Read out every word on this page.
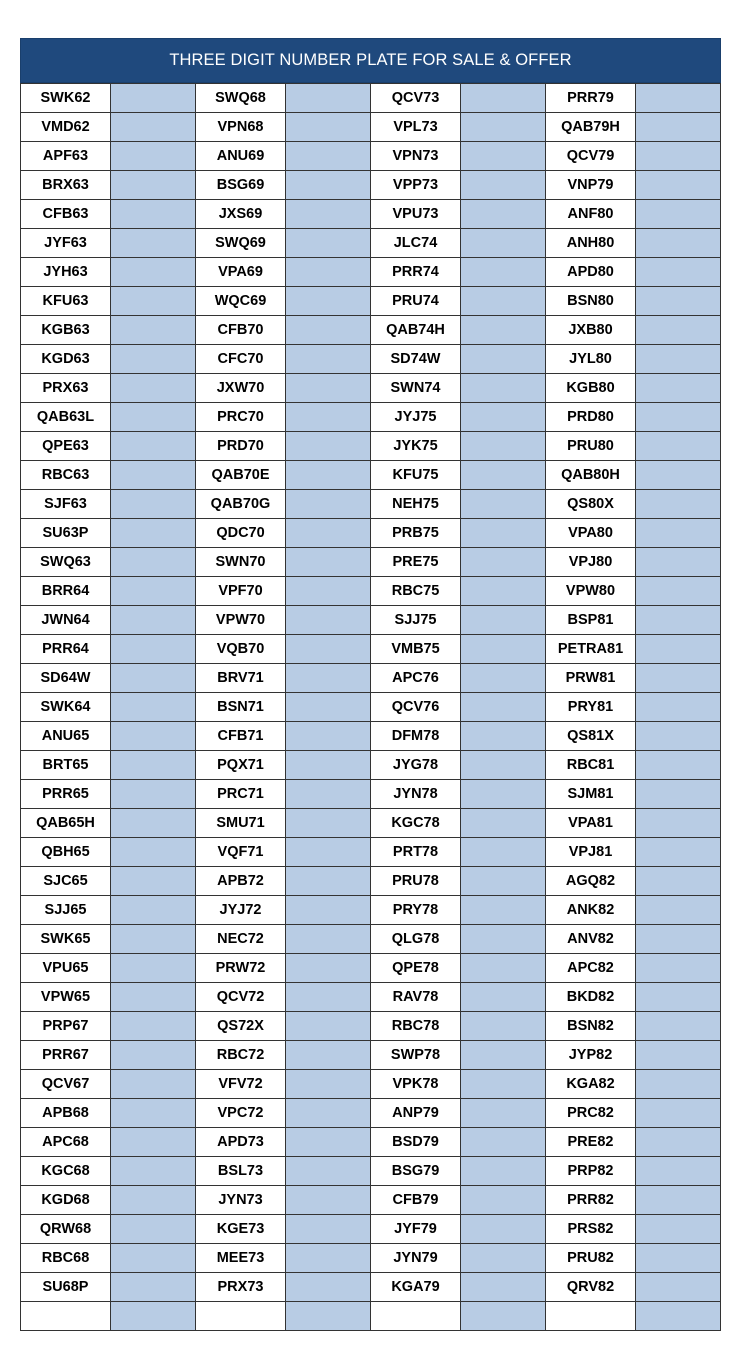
THREE DIGIT NUMBER PLATE FOR SALE & OFFER
SWK62		SWQ68		QCV73		PRR79	
VMD62		VPN68		VPL73		QAB79H	
APF63		ANU69		VPN73		QCV79	
BRX63		BSG69		VPP73		VNP79	
CFB63		JXS69		VPU73		ANF80	
JYF63		SWQ69		JLC74		ANH80	
JYH63		VPA69		PRR74		APD80	
KFU63		WQC69		PRU74		BSN80	
KGB63		CFB70		QAB74H		JXB80	
KGD63		CFC70		SD74W		JYL80	
PRX63		JXW70		SWN74		KGB80	
QAB63L		PRC70		JYJ75		PRD80	
QPE63		PRD70		JYK75		PRU80	
RBC63		QAB70E		KFU75		QAB80H	
SJF63		QAB70G		NEH75		QS80X	
SU63P		QDC70		PRB75		VPA80	
SWQ63		SWN70		PRE75		VPJ80	
BRR64		VPF70		RBC75		VPW80	
JWN64		VPW70		SJJ75		BSP81	
PRR64		VQB70		VMB75		PETRA81	
SD64W		BRV71		APC76		PRW81	
SWK64		BSN71		QCV76		PRY81	
ANU65		CFB71		DFM78		QS81X	
BRT65		PQX71		JYG78		RBC81	
PRR65		PRC71		JYN78		SJM81	
QAB65H		SMU71		KGC78		VPA81	
QBH65		VQF71		PRT78		VPJ81	
SJC65		APB72		PRU78		AGQ82	
SJJ65		JYJ72		PRY78		ANK82	
SWK65		NEC72		QLG78		ANV82	
VPU65		PRW72		QPE78		APC82	
VPW65		QCV72		RAV78		BKD82	
PRP67		QS72X		RBC78		BSN82	
PRR67		RBC72		SWP78		JYP82	
QCV67		VFV72		VPK78		KGA82	
APB68		VPC72		ANP79		PRC82	
APC68		APD73		BSD79		PRE82	
KGC68		BSL73		BSG79		PRP82	
KGD68		JYN73		CFB79		PRR82	
QRW68		KGE73		JYF79		PRS82	
RBC68		MEE73		JYN79		PRU82	
SU68P		PRX73		KGA79		QRV82	
